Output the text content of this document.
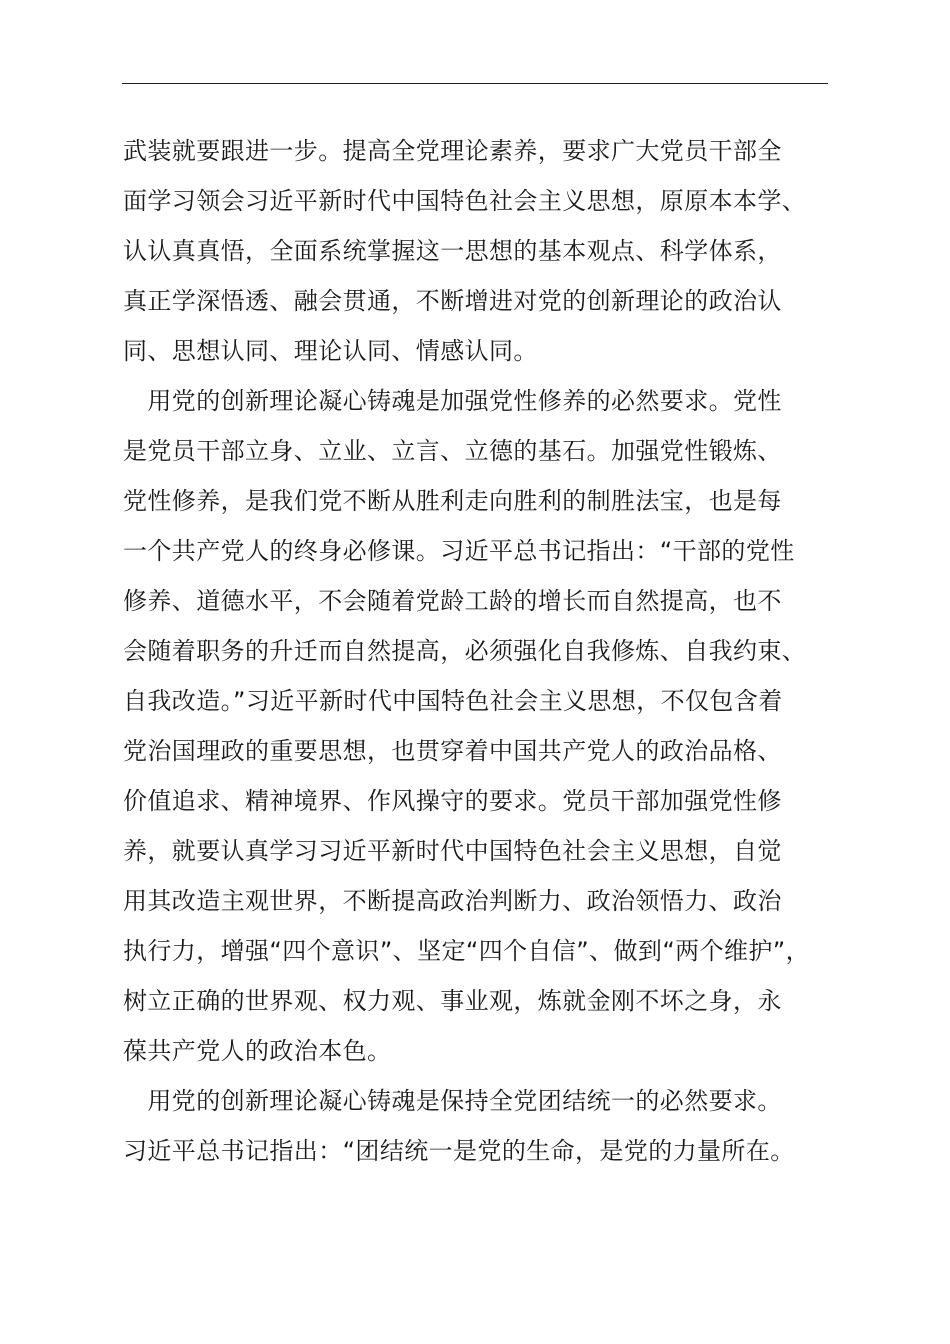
武装就要跟进一步。提高全党理论素养，要求广大党员干部全
面学习领会习近平新时代中国特色社会主义思想，原原本本学、
认认真真悟，全面系统掌握这一思想的基本观点、科学体系，
真正学深悟透、融会贯通，不断增进对党的创新理论的政治认
同、思想认同、理论认同、情感认同。
　用党的创新理论凝心铸魂是加强党性修养的必然要求。党性
是党员干部立身、立业、立言、立德的基石。加强党性锻炼、
党性修养，是我们党不断从胜利走向胜利的制胜法宝，也是每
一个共产党人的终身必修课。习近平总书记指出：“干部的党性
修养、道德水平，不会随着党龄工龄的增长而自然提高，也不
会随着职务的升迁而自然提高，必须强化自我修炼、自我约束、
自我改造。”习近平新时代中国特色社会主义思想，不仅包含着
党治国理政的重要思想，也贯穿着中国共产党人的政治品格、
价值追求、精神境界、作风操守的要求。党员干部加强党性修
养，就要认真学习习近平新时代中国特色社会主义思想，自觉
用其改造主观世界，不断提高政治判断力、政治领悟力、政治
执行力，增强“四个意识”、坚定“四个自信”、做到“两个维护”，
树立正确的世界观、权力观、事业观，炼就金刚不坏之身，永
葆共产党人的政治本色。
　用党的创新理论凝心铸魂是保持全党团结统一的必然要求。
习近平总书记指出：“团结统一是党的生命，是党的力量所在。
